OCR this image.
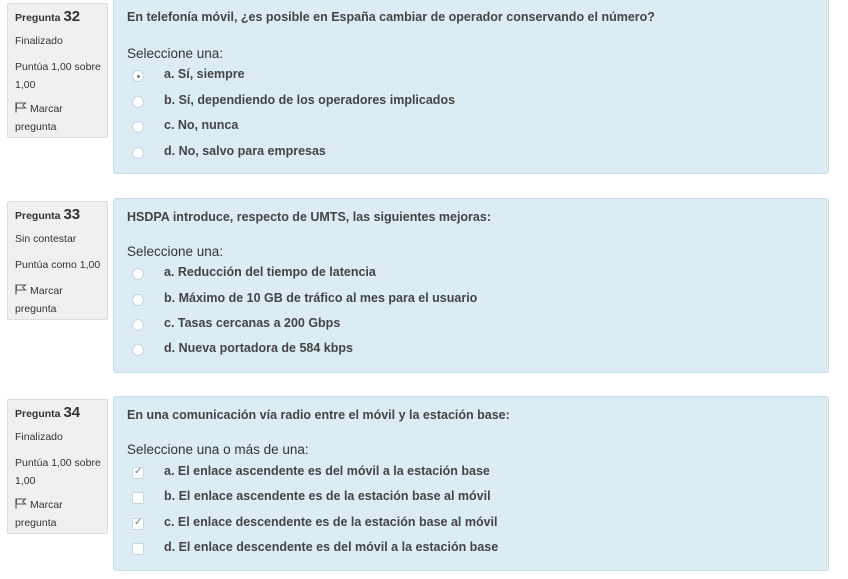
Pregunta 32
Finalizado
Puntúa 1,00 sobre 1,00
Marcar pregunta
En telefonía móvil, ¿es posible en España cambiar de operador conservando el número?
Seleccione una:
a. Sí, siempre
b. Sí, dependiendo de los operadores implicados
c. No, nunca
d. No, salvo para empresas
Pregunta 33
Sin contestar
Puntúa como 1,00
Marcar pregunta
HSDPA introduce, respecto de UMTS, las siguientes mejoras:
Seleccione una:
a. Reducción del tiempo de latencia
b. Máximo de 10 GB de tráfico al mes para el usuario
c. Tasas cercanas a 200 Gbps
d. Nueva portadora de 584 kbps
Pregunta 34
Finalizado
Puntúa 1,00 sobre 1,00
Marcar pregunta
En una comunicación vía radio entre el móvil y la estación base:
Seleccione una o más de una:
✓
a. El enlace ascendente es del móvil a la estación base
b. El enlace ascendente es de la estación base al móvil
✓
c. El enlace descendente es de la estación base al móvil
d. El enlace descendente es del móvil a la estación base
